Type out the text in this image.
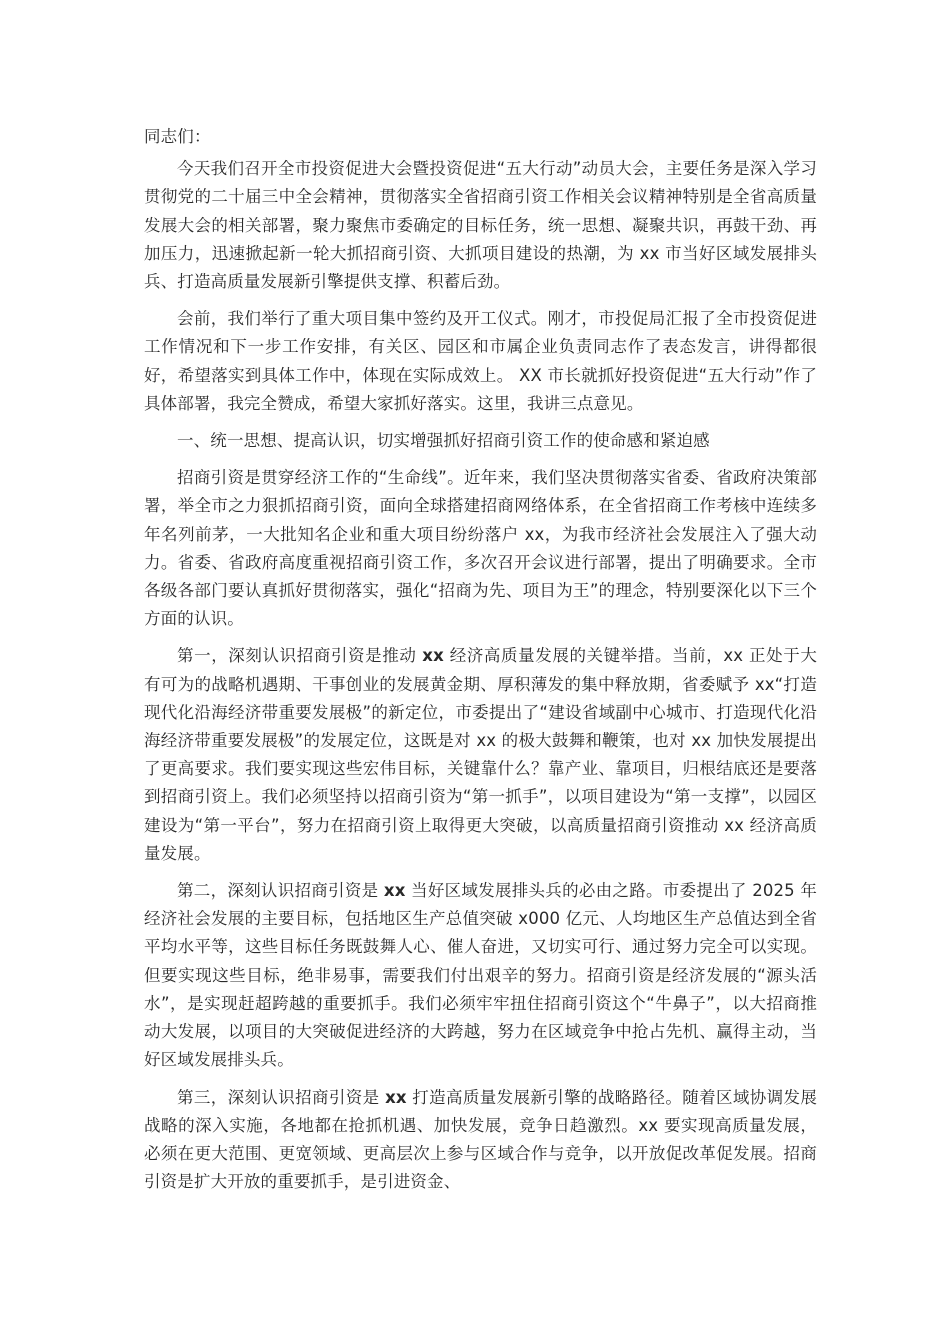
同志们：

今天我们召开全市投资促进大会暨投资促进“五大行动”动员大会，主要任务是深入学习贯彻党的二十届三中全会精神，贯彻落实全省招商引资工作相关会议精神特别是全省高质量发展大会的相关部署，聚力聚焦市委确定的目标任务，统一思想、凝聚共识，再鼓干劲、再加压力，迅速掀起新一轮大抓招商引资、大抓项目建设的热潮，为 xx 市当好区域发展排头兵、打造高质量发展新引擎提供支撑、积蓄后劲。

会前，我们举行了重大项目集中签约及开工仪式。刚才，市投促局汇报了全市投资促进工作情况和下一步工作安排，有关区、园区和市属企业负责同志作了表态发言，讲得都很好，希望落实到具体工作中，体现在实际成效上。 XX 市长就抓好投资促进“五大行动”作了具体部署，我完全赞成，希望大家抓好落实。这里，我讲三点意见。

一、统一思想、提高认识，切实增强抓好招商引资工作的使命感和紧迫感

招商引资是贯穿经济工作的“生命线”。近年来，我们坚决贯彻落实省委、省政府决策部署，举全市之力狠抓招商引资，面向全球搭建招商网络体系，在全省招商工作考核中连续多年名列前茅，一大批知名企业和重大项目纷纷落户 xx，为我市经济社会发展注入了强大动力。省委、省政府高度重视招商引资工作，多次召开会议进行部署，提出了明确要求。全市各级各部门要认真抓好贯彻落实，强化“招商为先、项目为王”的理念，特别要深化以下三个方面的认识。

第一，深刻认识招商引资是推动 xx 经济高质量发展的关键举措。当前，xx 正处于大有可为的战略机遇期、干事创业的发展黄金期、厚积薄发的集中释放期，省委赋予 xx“打造现代化沿海经济带重要发展极”的新定位，市委提出了“建设省域副中心城市、打造现代化沿海经济带重要发展极”的发展定位，这既是对 xx 的极大鼓舞和鞭策，也对 xx 加快发展提出了更高要求。我们要实现这些宏伟目标，关键靠什么？靠产业、靠项目，归根结底还是要落到招商引资上。我们必须坚持以招商引资为“第一抓手”，以项目建设为“第一支撑”，以园区建设为“第一平台”，努力在招商引资上取得更大突破，以高质量招商引资推动 xx 经济高质量发展。

第二，深刻认识招商引资是 xx 当好区域发展排头兵的必由之路。市委提出了 2025 年经济社会发展的主要目标，包括地区生产总值突破 x000 亿元、人均地区生产总值达到全省平均水平等，这些目标任务既鼓舞人心、催人奋进，又切实可行、通过努力完全可以实现。但要实现这些目标，绝非易事，需要我们付出艰辛的努力。招商引资是经济发展的“源头活水”，是实现赶超跨越的重要抓手。我们必须牢牢扭住招商引资这个“牛鼻子”，以大招商推动大发展，以项目的大突破促进经济的大跨越，努力在区域竞争中抢占先机、赢得主动，当好区域发展排头兵。

第三，深刻认识招商引资是 xx 打造高质量发展新引擎的战略路径。随着区域协调发展战略的深入实施，各地都在抢抓机遇、加快发展，竞争日趋激烈。xx 要实现高质量发展，必须在更大范围、更宽领域、更高层次上参与区域合作与竞争，以开放促改革促发展。招商引资是扩大开放的重要抓手，是引进资金、
